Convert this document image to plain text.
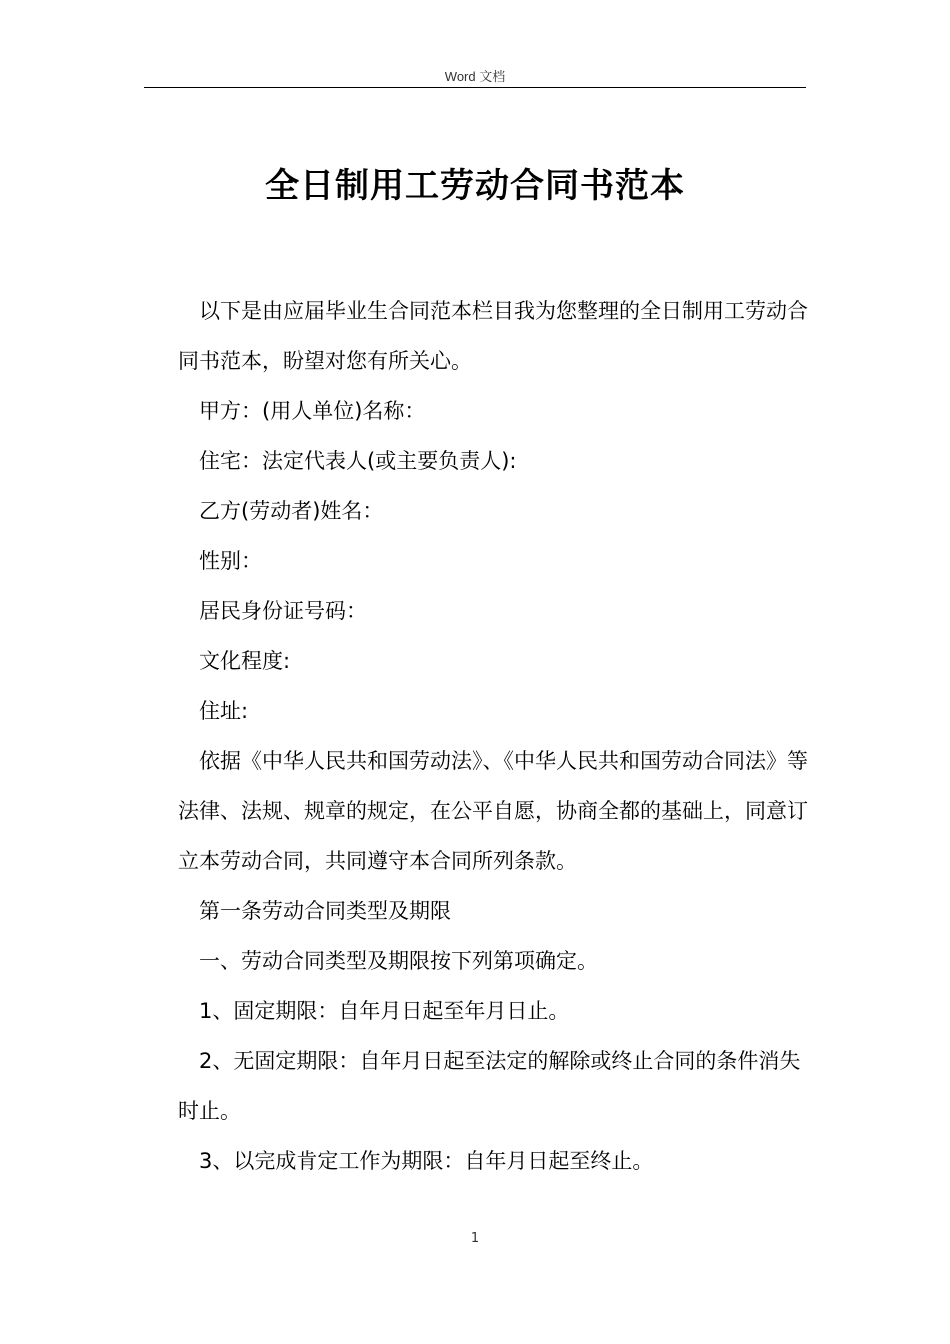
Word 文档
全日制用工劳动合同书范本

以下是由应届毕业生合同范本栏目我为您整理的全日制用工劳动合同书范本，盼望对您有所关心。

甲方：(用人单位)名称：

住宅：法定代表人(或主要负责人):

乙方(劳动者)姓名：

性别：

居民身份证号码：

文化程度:

住址:

依据《中华人民共和国劳动法》、《中华人民共和国劳动合同法》等法律、法规、规章的规定，在公平自愿，协商全都的基础上，同意订立本劳动合同，共同遵守本合同所列条款。

第一条劳动合同类型及期限

一、劳动合同类型及期限按下列第项确定。

1、固定期限：自年月日起至年月日止。

2、无固定期限：自年月日起至法定的解除或终止合同的条件消失时止。

3、以完成肯定工作为期限：自年月日起至终止。

1
